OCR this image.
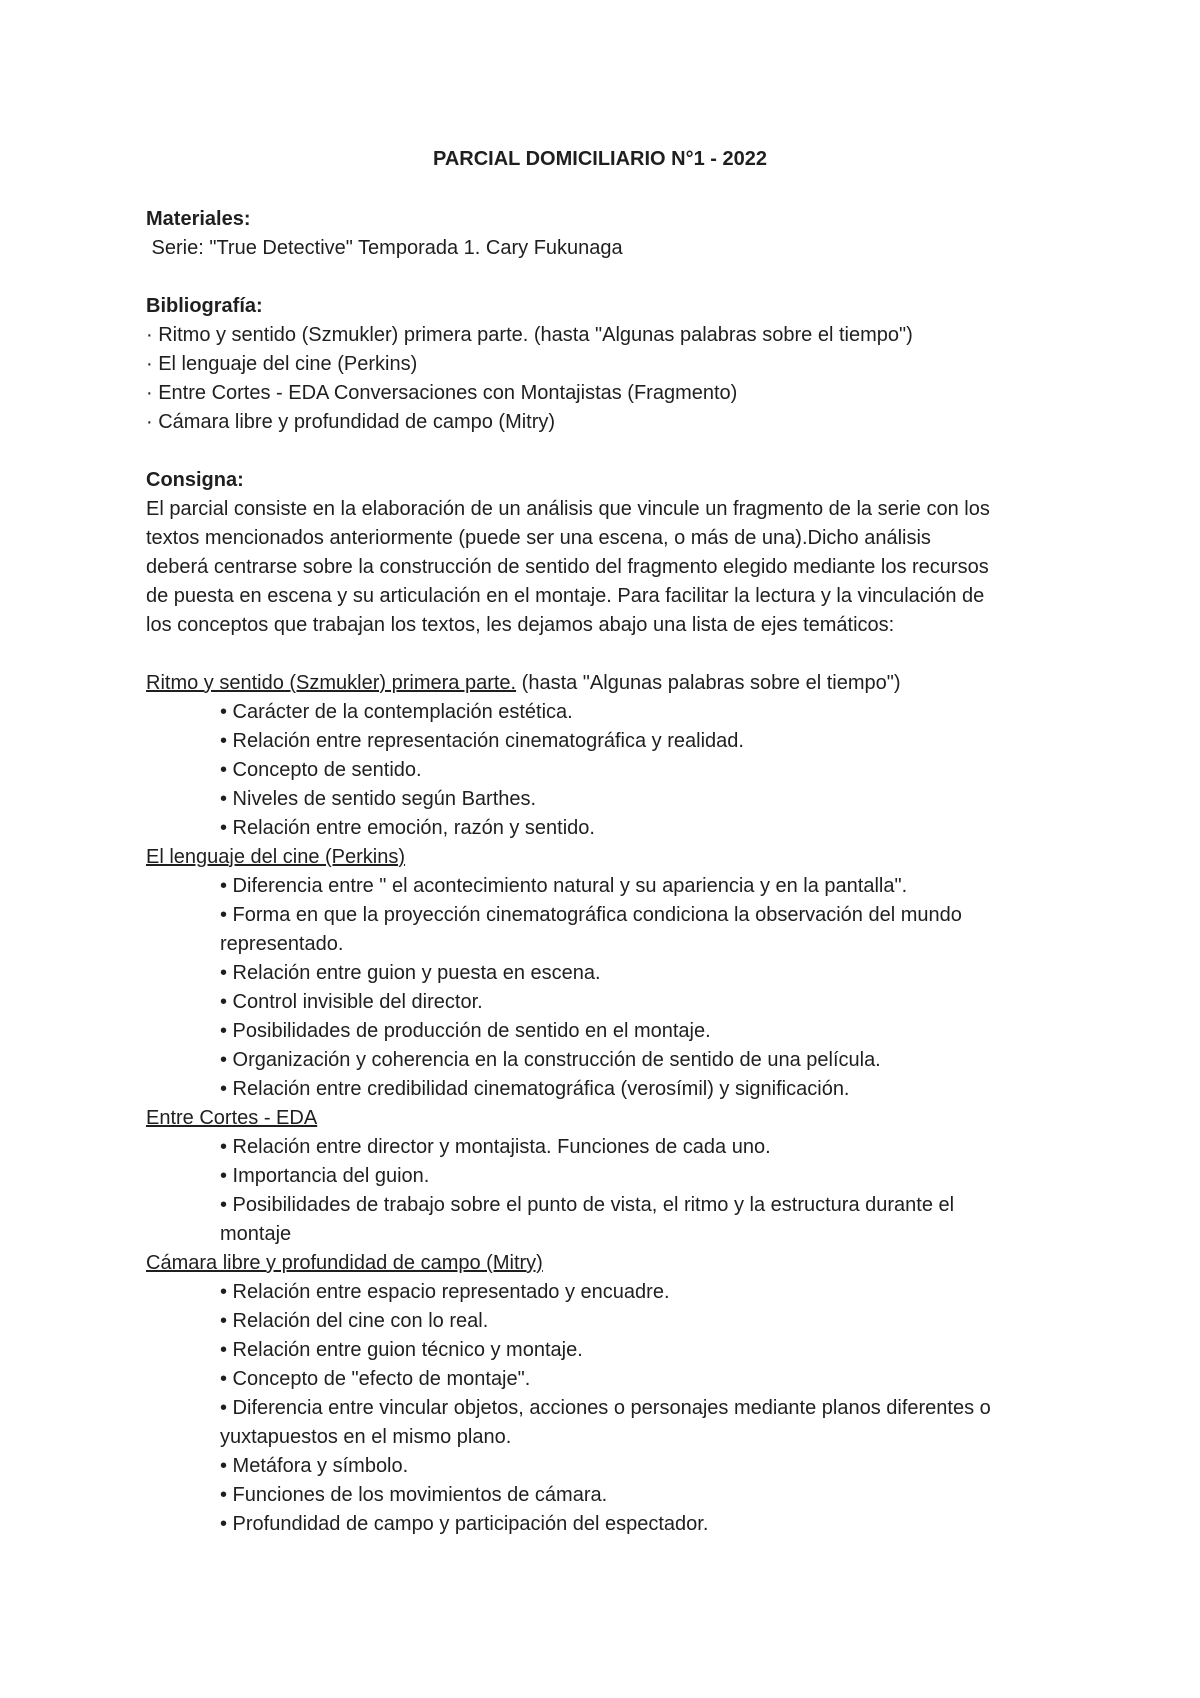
PARCIAL DOMICILIARIO N°1 - 2022
Materiales:
Serie: "True Detective" Temporada 1. Cary Fukunaga
Bibliografía:
· Ritmo y sentido (Szmukler) primera parte. (hasta "Algunas palabras sobre el tiempo")
· El lenguaje del cine (Perkins)
· Entre Cortes - EDA Conversaciones con Montajistas (Fragmento)
· Cámara libre y profundidad de campo (Mitry)
Consigna:
El parcial consiste en la elaboración de un análisis que vincule un fragmento de la serie con los
textos mencionados anteriormente (puede ser una escena, o más de una).Dicho análisis
deberá centrarse sobre la construcción de sentido del fragmento elegido mediante los recursos
de puesta en escena y su articulación en el montaje. Para facilitar la lectura y la vinculación de
los conceptos que trabajan los textos, les dejamos abajo una lista de ejes temáticos:
Ritmo y sentido (Szmukler) primera parte. (hasta "Algunas palabras sobre el tiempo")
• Carácter de la contemplación estética.
• Relación entre representación cinematográfica y realidad.
• Concepto de sentido.
• Niveles de sentido según Barthes.
• Relación entre emoción, razón y sentido.
El lenguaje del cine (Perkins)
• Diferencia entre " el acontecimiento natural y su apariencia y en la pantalla".
• Forma en que la proyección cinematográfica condiciona la observación del mundo
representado.
• Relación entre guion y puesta en escena.
• Control invisible del director.
• Posibilidades de producción de sentido en el montaje.
• Organización y coherencia en la construcción de sentido de una película.
• Relación entre credibilidad cinematográfica (verosímil) y significación.
Entre Cortes - EDA
• Relación entre director y montajista. Funciones de cada uno.
• Importancia del guion.
• Posibilidades de trabajo sobre el punto de vista, el ritmo y la estructura durante el
montaje
Cámara libre y profundidad de campo (Mitry)
• Relación entre espacio representado y encuadre.
• Relación del cine con lo real.
• Relación entre guion técnico y montaje.
• Concepto de "efecto de montaje".
• Diferencia entre vincular objetos, acciones o personajes mediante planos diferentes o
yuxtapuestos en el mismo plano.
• Metáfora y símbolo.
• Funciones de los movimientos de cámara.
• Profundidad de campo y participación del espectador.
